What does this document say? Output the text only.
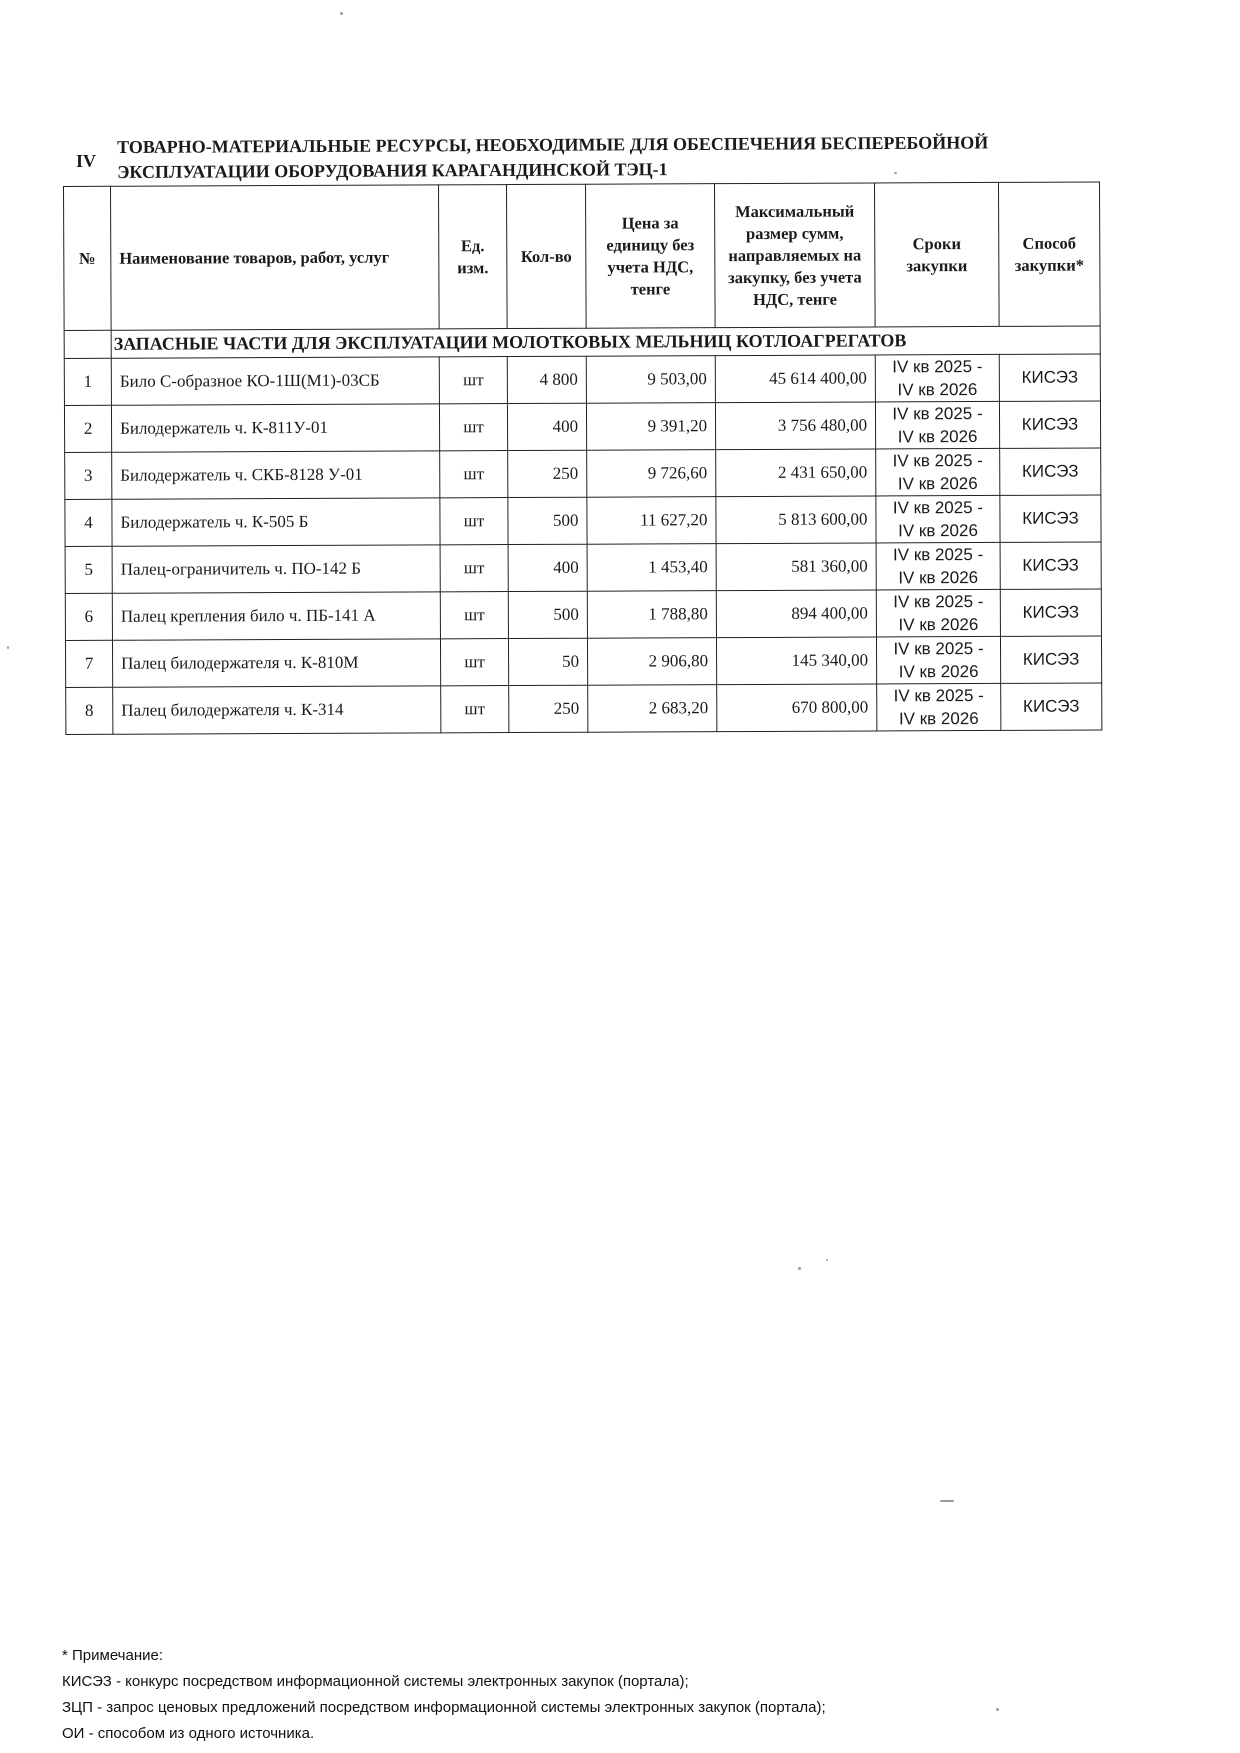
IV
ТОВАРНО-МАТЕРИАЛЬНЫЕ РЕСУРСЫ, НЕОБХОДИМЫЕ ДЛЯ ОБЕСПЕЧЕНИЯ БЕСПЕРЕБОЙНОЙ
ЭКСПЛУАТАЦИИ ОБОРУДОВАНИЯ КАРАГАНДИНСКОЙ ТЭЦ-1
№	Наименование товаров, работ, услуг	Ед. изм.	Кол-во	Цена за единицу без учета НДС, тенге	Максимальный размер сумм, направляемых на закупку, без учета НДС, тенге	Сроки закупки	Способ закупки*
	ЗАПАСНЫЕ ЧАСТИ ДЛЯ ЭКСПЛУАТАЦИИ МОЛОТКОВЫХ МЕЛЬНИЦ КОТЛОАГРЕГАТОВ						
1	Било С-образное КО-1Ш(М1)-03СБ	шт	4 800	9 503,00	45 614 400,00	IV кв 2025 -
IV кв 2026	КИСЭЗ
2	Билодержатель ч. К-811У-01	шт	400	9 391,20	3 756 480,00	IV кв 2025 -
IV кв 2026	КИСЭЗ
3	Билодержатель ч. СКБ-8128 У-01	шт	250	9 726,60	2 431 650,00	IV кв 2025 -
IV кв 2026	КИСЭЗ
4	Билодержатель ч. К-505 Б	шт	500	11 627,20	5 813 600,00	IV кв 2025 -
IV кв 2026	КИСЭЗ
5	Палец-ограничитель ч. ПО-142 Б	шт	400	1 453,40	581 360,00	IV кв 2025 -
IV кв 2026	КИСЭЗ
6	Палец крепления било ч. ПБ-141 А	шт	500	1 788,80	894 400,00	IV кв 2025 -
IV кв 2026	КИСЭЗ
7	Палец билодержателя ч. К-810М	шт	50	2 906,80	145 340,00	IV кв 2025 -
IV кв 2026	КИСЭЗ
8	Палец билодержателя ч. К-314	шт	250	2 683,20	670 800,00	IV кв 2025 -
IV кв 2026	КИСЭЗ
* Примечание:
КИСЭЗ - конкурс посредством информационной системы электронных закупок (портала);
ЗЦП - запрос ценовых предложений посредством информационной системы электронных закупок (портала);
ОИ - способом из одного источника.
